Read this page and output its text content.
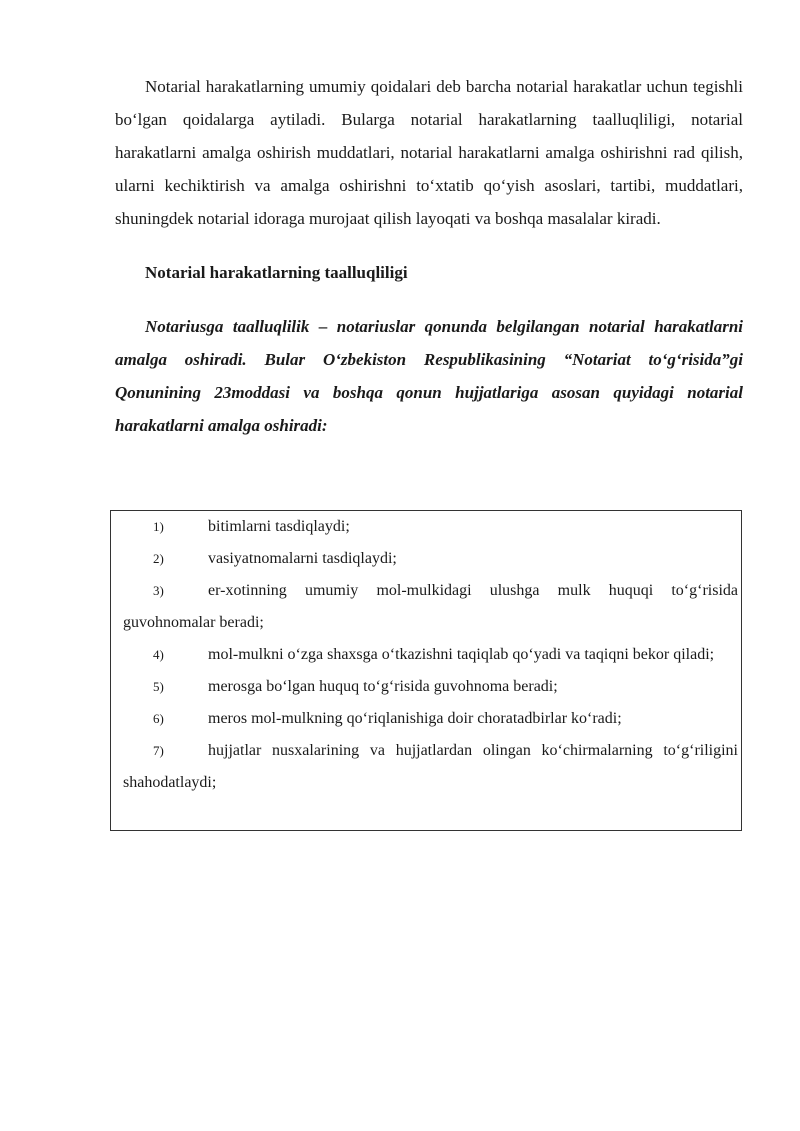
Notarial harakatlarning umumiy qoidalari deb barcha notarial harakatlar uchun tegishli bo‘lgan qoidalarga aytiladi. Bularga notarial harakatlarning taalluqliligi, notarial harakatlarni amalga oshirish muddatlari, notarial harakatlarni amalga oshirishni rad qilish, ularni kechiktirish va amalga oshirishni to‘xtatib qo‘yish asoslari, tartibi, muddatlari, shuningdek notarial idoraga murojaat qilish layoqati va boshqa masalalar kiradi.

Notarial harakatlarning taalluqliligi

Notariusga taalluqlilik – notariuslar qonunda belgilangan notarial harakatlarni amalga oshiradi. Bular O‘zbekiston Respublikasining “Notariat to‘g‘risida”gi Qonunining 23moddasi va boshqa qonun hujjatlariga asosan quyidagi notarial harakatlarni amalga oshiradi:

1)	bitimlarni tasdiqlaydi;
2)	vasiyatnomalarni tasdiqlaydi;
3)	er-xotinning umumiy mol-mulkidagi ulushga mulk huquqi to‘g‘risida guvohnomalar beradi;
4)	mol-mulkni o‘zga shaxsga o‘tkazishni taqiqlab qo‘yadi va taqiqni bekor qiladi;
5)	merosga bo‘lgan huquq to‘g‘risida guvohnoma beradi;
6)	meros mol-mulkning qo‘riqlanishiga doir choratadbirlar ko‘radi;
7)	hujjatlar nusxalarining va hujjatlardan olingan ko‘chirmalarning to‘g‘riligini shahodatlaydi;
